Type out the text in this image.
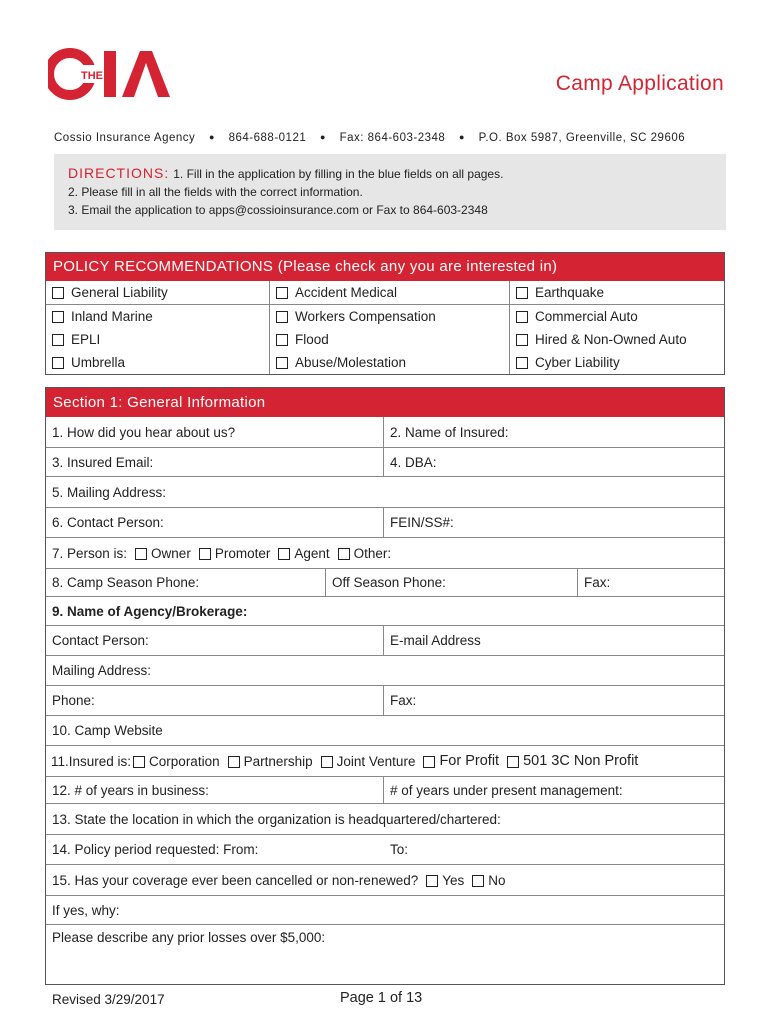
THE
CIA
Camp Application
Cossio Insurance Agency ● 864-688-0121 ● Fax: 864-603-2348 ● P.O. Box 5987, Greenville, SC 29606
DIRECTIONS: 1. Fill in the application by filling in the blue fields on all pages.
2. Please fill in all the fields with the correct information.
3. Email the application to apps@cossioinsurance.com or Fax to 864-603-2348
POLICY RECOMMENDATIONS (Please check any you are interested in)
General Liability	Accident Medical	Earthquake
Inland Marine	Workers Compensation	Commercial Auto
EPLI	Flood	Hired & Non-Owned Auto
Umbrella	Abuse/Molestation	Cyber Liability
Section 1: General Information
1. How did you hear about us?	2. Name of Insured:
3. Insured Email:	4. DBA:
5. Mailing Address:
6. Contact Person:	FEIN/SS#:
7. Person is: Owner Promoter Agent Other:
8. Camp Season Phone:	Off Season Phone:	Fax:
9. Name of Agency/Brokerage:
Contact Person:	E-mail Address
Mailing Address:
Phone:	Fax:
10. Camp Website
11.Insured is: Corporation Partnership Joint Venture For Profit 501 3C Non Profit
12. # of years in business:	# of years under present management:
13. State the location in which the organization is headquartered/chartered:
14. Policy period requested: From:	To:
15. Has your coverage ever been cancelled or non-renewed? Yes No
If yes, why:
Please describe any prior losses over $5,000:
Revised 3/29/2017	Page 1 of 13
